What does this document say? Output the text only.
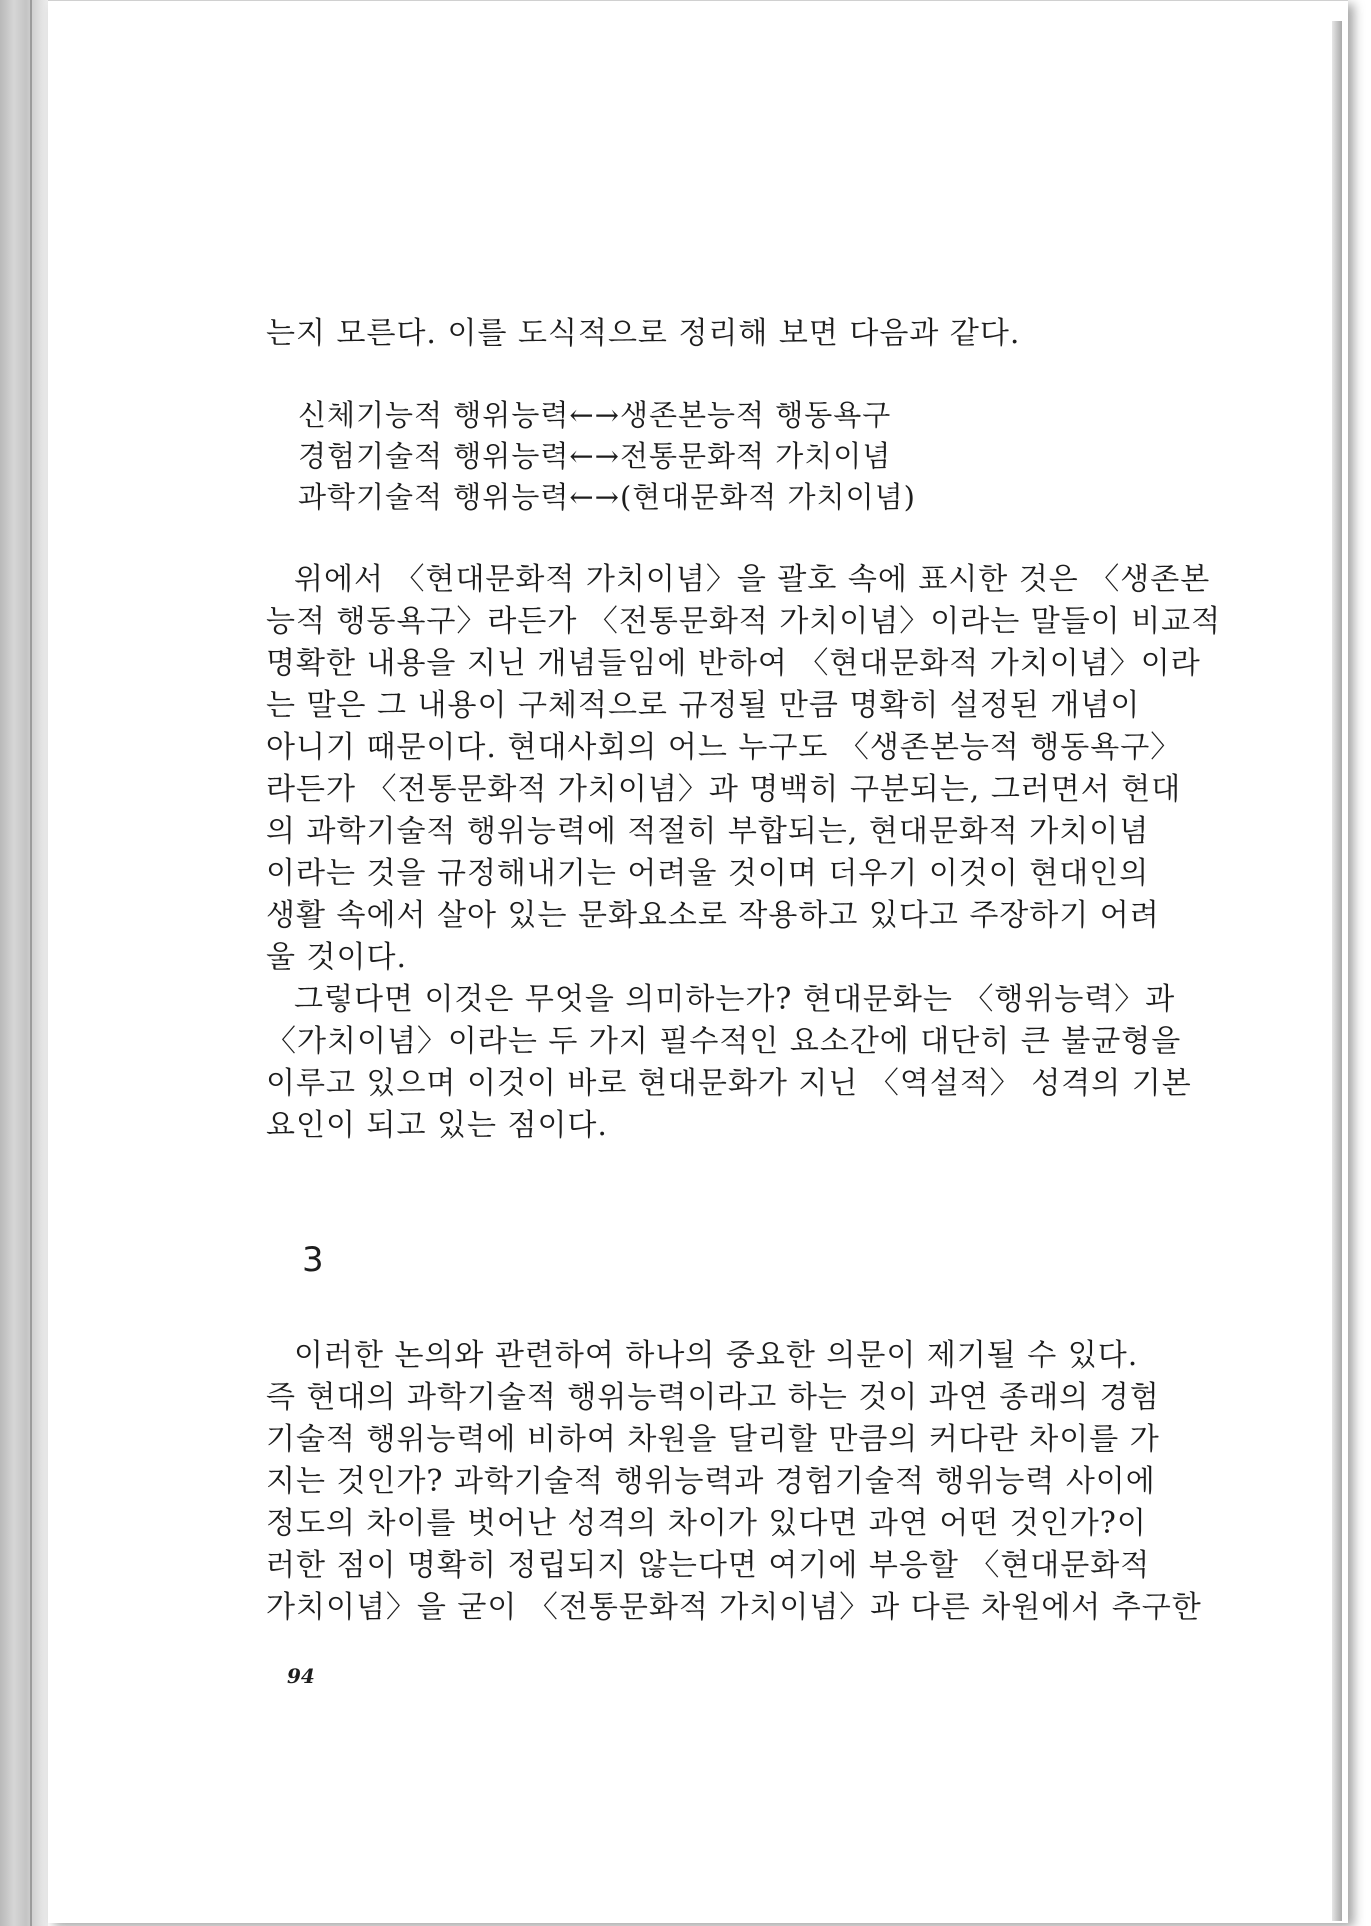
는지 모른다. 이를 도식적으로 정리해 보면 다음과 같다.
신체기능적 행위능력←→생존본능적 행동욕구
경험기술적 행위능력←→전통문화적 가치이념
과학기술적 행위능력←→(현대문화적 가치이념)
위에서 〈현대문화적 가치이념〉을 괄호 속에 표시한 것은 〈생존본
능적 행동욕구〉라든가 〈전통문화적 가치이념〉이라는 말들이 비교적
명확한 내용을 지닌 개념들임에 반하여 〈현대문화적 가치이념〉이라
는 말은 그 내용이 구체적으로 규정될 만큼 명확히 설정된 개념이
아니기 때문이다. 현대사회의 어느 누구도 〈생존본능적 행동욕구〉
라든가 〈전통문화적 가치이념〉과 명백히 구분되는, 그러면서 현대
의 과학기술적 행위능력에 적절히 부합되는, 현대문화적 가치이념
이라는 것을 규정해내기는 어려울 것이며 더우기 이것이 현대인의
생활 속에서 살아 있는 문화요소로 작용하고 있다고 주장하기 어려
울 것이다.
그렇다면 이것은 무엇을 의미하는가? 현대문화는 〈행위능력〉과
〈가치이념〉이라는 두 가지 필수적인 요소간에 대단히 큰 불균형을
이루고 있으며 이것이 바로 현대문화가 지닌 〈역설적〉 성격의 기본
요인이 되고 있는 점이다.
이러한 논의와 관련하여 하나의 중요한 의문이 제기될 수 있다.
즉 현대의 과학기술적 행위능력이라고 하는 것이 과연 종래의 경험
기술적 행위능력에 비하여 차원을 달리할 만큼의 커다란 차이를 가
지는 것인가? 과학기술적 행위능력과 경험기술적 행위능력 사이에
정도의 차이를 벗어난 성격의 차이가 있다면 과연 어떤 것인가?이
러한 점이 명확히 정립되지 않는다면 여기에 부응할 〈현대문화적
가치이념〉을 굳이 〈전통문화적 가치이념〉과 다른 차원에서 추구한
3
94
